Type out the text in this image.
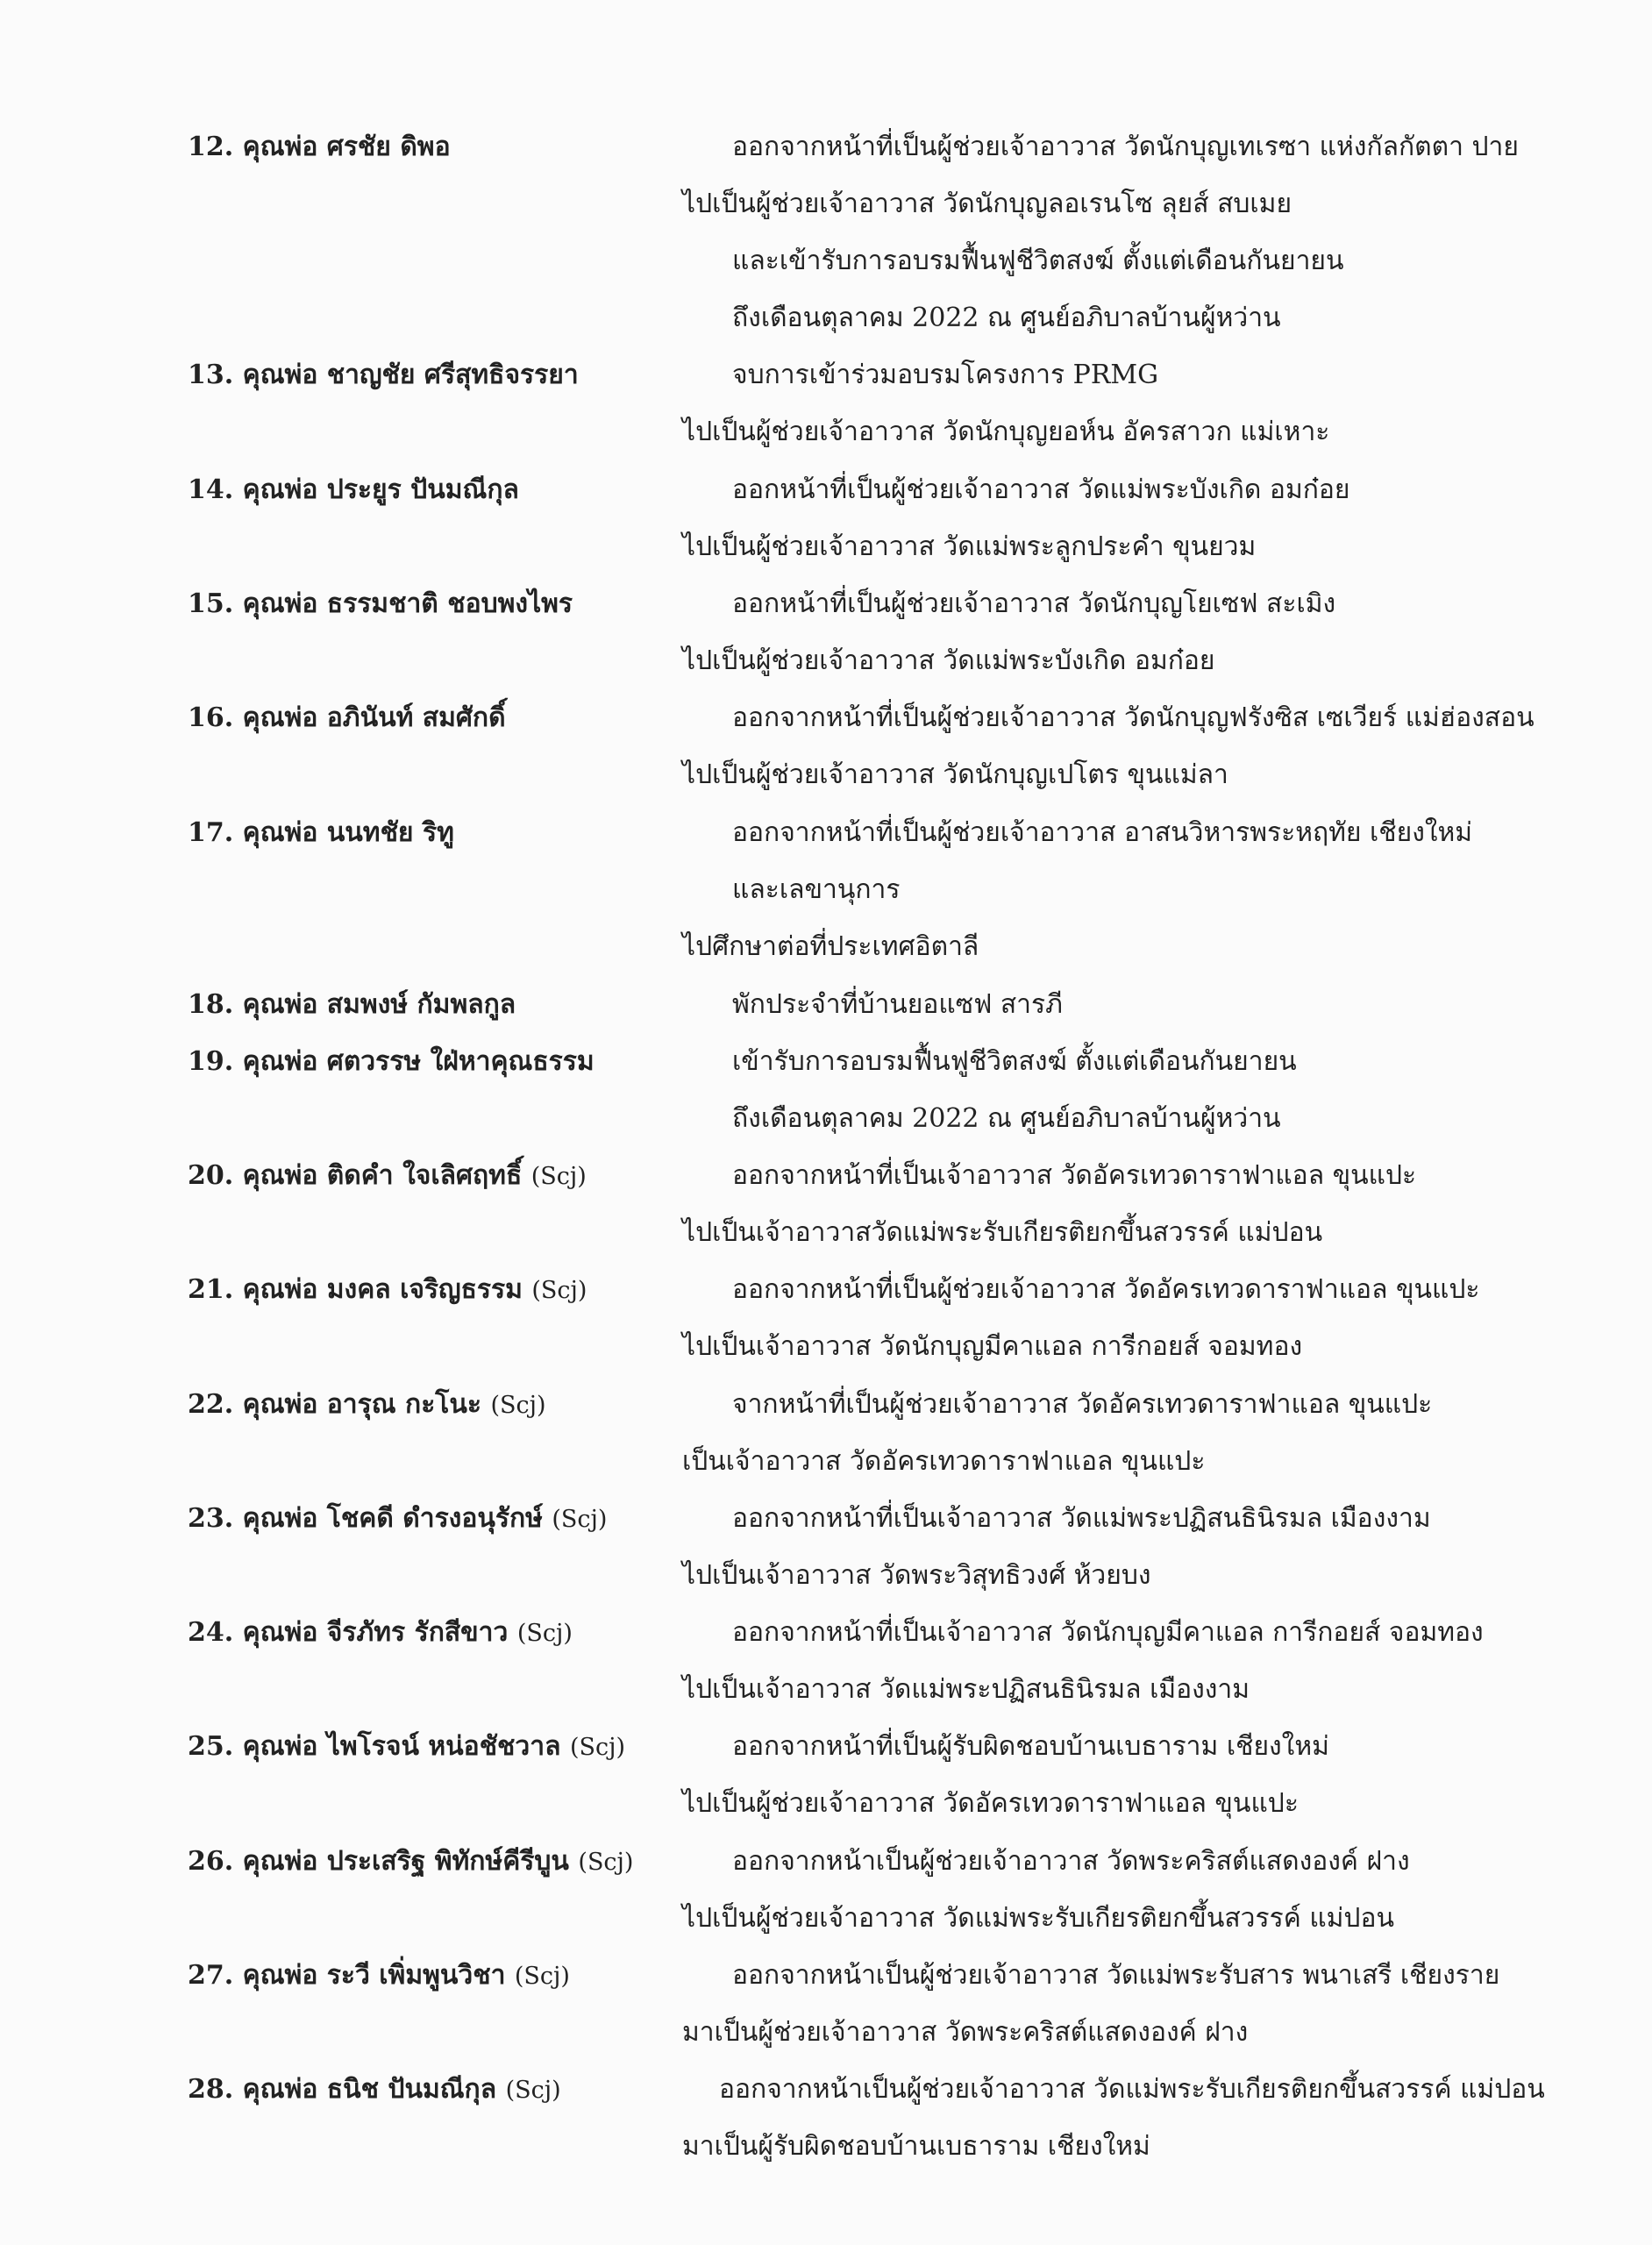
12. คุณพ่อ ศรชัย ดิพอ	ออกจากหน้าที่เป็นผู้ช่วยเจ้าอาวาส วัดนักบุญเทเรซา แห่งกัลกัตตา ปาย
ไปเป็นผู้ช่วยเจ้าอาวาส วัดนักบุญลอเรนโซ ลุยส์ สบเมย
และเข้ารับการอบรมฟื้นฟูชีวิตสงฆ์ ตั้งแต่เดือนกันยายน
ถึงเดือนตุลาคม 2022 ณ ศูนย์อภิบาลบ้านผู้หว่าน
13. คุณพ่อ ชาญชัย ศรีสุทธิจรรยา	จบการเข้าร่วมอบรมโครงการ PRMG
ไปเป็นผู้ช่วยเจ้าอาวาส วัดนักบุญยอห์น อัครสาวก แม่เหาะ
14. คุณพ่อ ประยูร ปันมณีกุล	ออกหน้าที่เป็นผู้ช่วยเจ้าอาวาส วัดแม่พระบังเกิด อมก๋อย
ไปเป็นผู้ช่วยเจ้าอาวาส วัดแม่พระลูกประคำ ขุนยวม
15. คุณพ่อ ธรรมชาติ ชอบพงไพร	ออกหน้าที่เป็นผู้ช่วยเจ้าอาวาส วัดนักบุญโยเซฟ สะเมิง
ไปเป็นผู้ช่วยเจ้าอาวาส วัดแม่พระบังเกิด อมก๋อย
16. คุณพ่อ อภินันท์ สมศักดิ์	ออกจากหน้าที่เป็นผู้ช่วยเจ้าอาวาส วัดนักบุญฟรังซิส เซเวียร์ แม่ฮ่องสอน
ไปเป็นผู้ช่วยเจ้าอาวาส วัดนักบุญเปโตร ขุนแม่ลา
17. คุณพ่อ นนทชัย ริทู	ออกจากหน้าที่เป็นผู้ช่วยเจ้าอาวาส อาสนวิหารพระหฤทัย เชียงใหม่
และเลขานุการ
ไปศึกษาต่อที่ประเทศอิตาลี
18. คุณพ่อ สมพงษ์ กัมพลกูล	พักประจำที่บ้านยอแซฟ สารภี
19. คุณพ่อ ศตวรรษ ใฝ่หาคุณธรรม	เข้ารับการอบรมฟื้นฟูชีวิตสงฆ์ ตั้งแต่เดือนกันยายน
ถึงเดือนตุลาคม 2022 ณ ศูนย์อภิบาลบ้านผู้หว่าน
20. คุณพ่อ ติดคำ ใจเลิศฤทธิ์ (Scj)	ออกจากหน้าที่เป็นเจ้าอาวาส วัดอัครเทวดาราฟาแอล ขุนแปะ
ไปเป็นเจ้าอาวาสวัดแม่พระรับเกียรติยกขึ้นสวรรค์ แม่ปอน
21. คุณพ่อ มงคล เจริญธรรม (Scj)	ออกจากหน้าที่เป็นผู้ช่วยเจ้าอาวาส วัดอัครเทวดาราฟาแอล ขุนแปะ
ไปเป็นเจ้าอาวาส วัดนักบุญมีคาแอล การีกอยส์ จอมทอง
22. คุณพ่อ อารุณ กะโนะ (Scj)	จากหน้าที่เป็นผู้ช่วยเจ้าอาวาส วัดอัครเทวดาราฟาแอล ขุนแปะ
เป็นเจ้าอาวาส วัดอัครเทวดาราฟาแอล ขุนแปะ
23. คุณพ่อ โชคดี ดำรงอนุรักษ์ (Scj)	ออกจากหน้าที่เป็นเจ้าอาวาส วัดแม่พระปฏิสนธินิรมล เมืองงาม
ไปเป็นเจ้าอาวาส วัดพระวิสุทธิวงศ์ ห้วยบง
24. คุณพ่อ จีรภัทร รักสีขาว (Scj)	ออกจากหน้าที่เป็นเจ้าอาวาส วัดนักบุญมีคาแอล การีกอยส์ จอมทอง
ไปเป็นเจ้าอาวาส วัดแม่พระปฏิสนธินิรมล เมืองงาม
25. คุณพ่อ ไพโรจน์ หน่อชัชวาล (Scj)	ออกจากหน้าที่เป็นผู้รับผิดชอบบ้านเบธาราม เชียงใหม่
ไปเป็นผู้ช่วยเจ้าอาวาส วัดอัครเทวดาราฟาแอล ขุนแปะ
26. คุณพ่อ ประเสริฐ พิทักษ์คีรีบูน (Scj)	ออกจากหน้าเป็นผู้ช่วยเจ้าอาวาส วัดพระคริสต์แสดงองค์ ฝาง
ไปเป็นผู้ช่วยเจ้าอาวาส วัดแม่พระรับเกียรติยกขึ้นสวรรค์ แม่ปอน
27. คุณพ่อ ระวี เพิ่มพูนวิชา (Scj)	ออกจากหน้าเป็นผู้ช่วยเจ้าอาวาส วัดแม่พระรับสาร พนาเสรี เชียงราย
มาเป็นผู้ช่วยเจ้าอาวาส วัดพระคริสต์แสดงองค์ ฝาง
28. คุณพ่อ ธนิช ปันมณีกุล (Scj)	ออกจากหน้าเป็นผู้ช่วยเจ้าอาวาส วัดแม่พระรับเกียรติยกขึ้นสวรรค์ แม่ปอน
มาเป็นผู้รับผิดชอบบ้านเบธาราม เชียงใหม่
